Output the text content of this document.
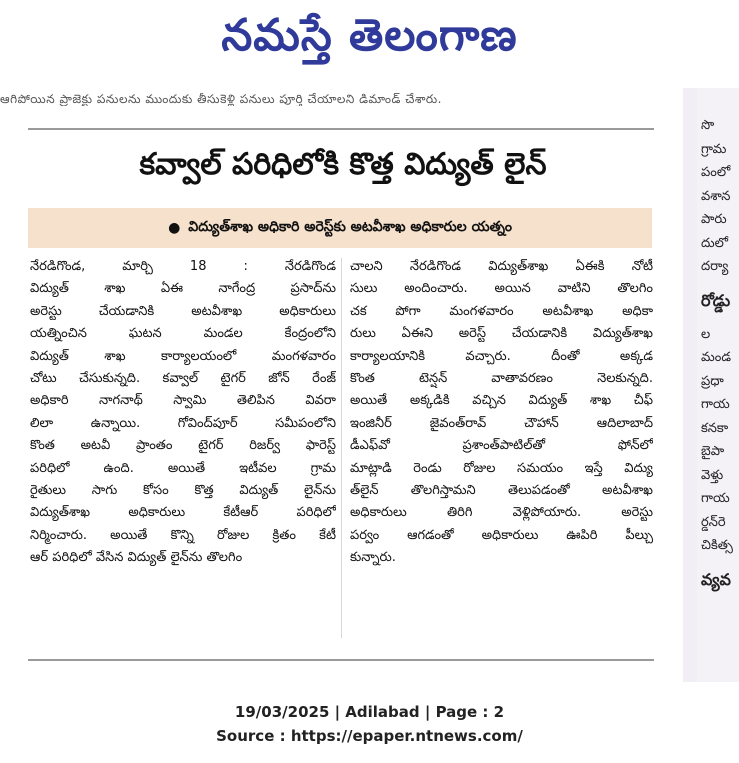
నమస్తే తెలంగాణ
సొ
గ్రామ
పంలో
వశాన
పారు
దులో
దర్యా
రోడ్డు
ల
మండ
ప్రధా
గాయ
కనకా
బైపా
వెళ్తు
గాయ
ర్డన్‌రె
చికిత్స
వ్యవ
ఆగిపోయిన ప్రాజెక్టు పనులను ముందుకు తీసుకెళ్లి పనులు పూర్తి చేయాలని డిమాండ్ చేశారు.
కవ్వాల్ పరిధిలోకి కొత్త విద్యుత్ లైన్
● విద్యుత్‌శాఖ అధికారి అరెస్ట్‌కు అటవీశాఖ అధికారుల యత్నం
నేరడిగొండ, మార్చి 18 : నేరడిగొండ
విద్యుత్ శాఖ ఏఈ నాగేంద్ర ప్రసాద్‌ను
అరెస్టు చేయడానికి అటవీశాఖ అధికారులు
యత్నించిన ఘటన మండల కేంద్రంలోని
విద్యుత్ శాఖ కార్యాలయంలో మంగళవారం
చోటు చేసుకున్నది. కవ్వాల్ టైగర్ జోన్ రేంజ్
అధికారి నాగనాథ్ స్వామి తెలిపిన వివరా
లిలా ఉన్నాయి. గోవింద్‌పూర్ సమీపంలోని
కొంత అటవీ ప్రాంతం టైగర్ రిజర్వ్ ఫారెస్ట్
పరిధిలో ఉంది. అయితే ఇటీవల గ్రామ
రైతులు సాగు కోసం కొత్త విద్యుత్ లైన్‌ను
విద్యుత్‌శాఖ అధికారులు కేటీఆర్ పరిధిలో
నిర్మించారు. అయితే కొన్ని రోజుల క్రితం కేటీ
ఆర్ పరిధిలో వేసిన విద్యుత్ లైన్‌ను తొలగిం
చాలని నేరడిగొండ విద్యుత్‌శాఖ ఏఈకి నోటీ
సులు అందించారు. అయిన వాటిని తొలగిం
చక పోగా మంగళవారం అటవీశాఖ అధికా
రులు ఏఈని అరెస్ట్ చేయడానికి విద్యుత్‌శాఖ
కార్యాలయానికి వచ్చారు. దీంతో అక్కడ
కొంత టెన్షన్ వాతావరణం నెలకున్నది.
అయితే అక్కడికి వచ్చిన విద్యుత్ శాఖ చీఫ్
ఇంజినీర్ జైవంత్‌రావ్ చౌహాన్ ఆదిలాబాద్
డీఎఫ్‌వో ప్రశాంత్‌పాటిల్‌తో ఫోన్‌లో
మాట్లాడి రెండు రోజుల సమయం ఇస్తే విద్యు
త్‌లైన్ తొలగిస్తామని తెలుపడంతో అటవీశాఖ
అధికారులు తిరిగి వెళ్లిపోయారు. అరెస్టు
పర్వం ఆగడంతో అధికారులు ఊపిరి పీల్చు
కున్నారు.
19/03/2025 | Adilabad | Page : 2
Source : https://epaper.ntnews.com/
